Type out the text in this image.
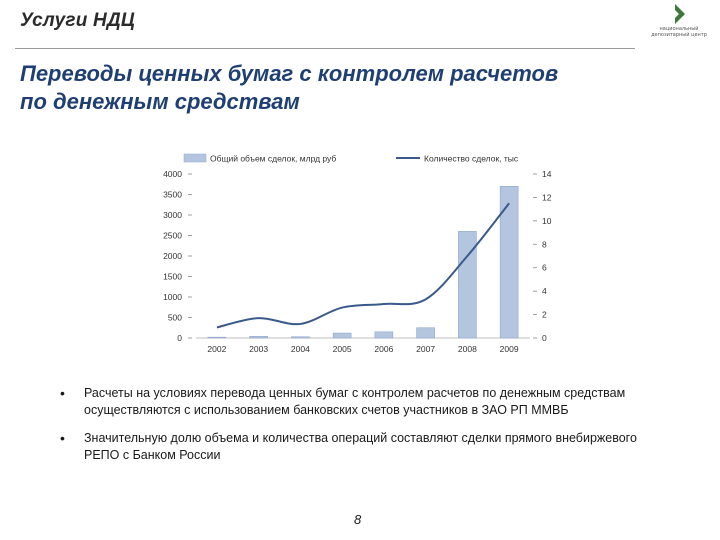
Услуги НДЦ	национальный депозитарный центр
Переводы ценных бумаг с контролем расчетов
по денежным средствам
0
500
1000
1500
2000
2500
3000
3500
4000
0
2
4
6
8
10
12
14
2002	2003	2004	2005	2006	2007	2008	2009
Общий объем сделок, млрд руб	Количество сделок, тыс
• Расчеты на условиях перевода ценных бумаг с контролем расчетов по денежным средствам осуществляются с использованием банковских счетов участников в ЗАО РП ММВБ
• Значительную долю объема и количества операций составляют сделки прямого внебиржевого РЕПО с Банком России
8
